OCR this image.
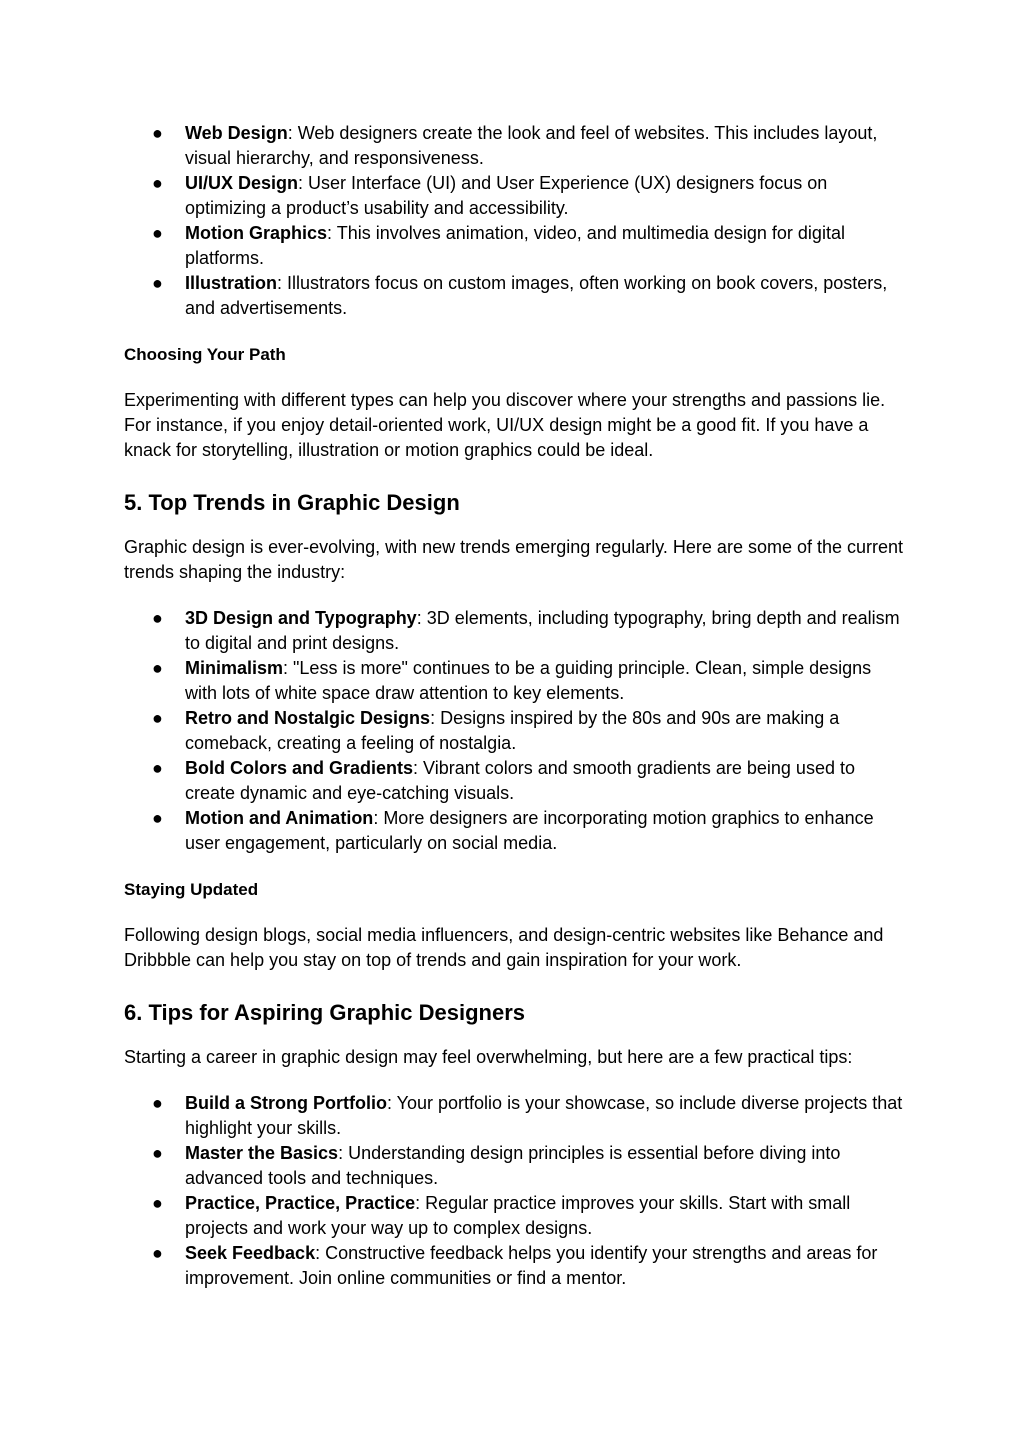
● Web Design: Web designers create the look and feel of websites. This includes layout, visual hierarchy, and responsiveness.
● UI/UX Design: User Interface (UI) and User Experience (UX) designers focus on optimizing a product’s usability and accessibility.
● Motion Graphics: This involves animation, video, and multimedia design for digital platforms.
● Illustration: Illustrators focus on custom images, often working on book covers, posters, and advertisements.

Choosing Your Path

Experimenting with different types can help you discover where your strengths and passions lie. For instance, if you enjoy detail-oriented work, UI/UX design might be a good fit. If you have a knack for storytelling, illustration or motion graphics could be ideal.

5. Top Trends in Graphic Design

Graphic design is ever-evolving, with new trends emerging regularly. Here are some of the current trends shaping the industry:

● 3D Design and Typography: 3D elements, including typography, bring depth and realism to digital and print designs.
● Minimalism: "Less is more" continues to be a guiding principle. Clean, simple designs with lots of white space draw attention to key elements.
● Retro and Nostalgic Designs: Designs inspired by the 80s and 90s are making a comeback, creating a feeling of nostalgia.
● Bold Colors and Gradients: Vibrant colors and smooth gradients are being used to create dynamic and eye-catching visuals.
● Motion and Animation: More designers are incorporating motion graphics to enhance user engagement, particularly on social media.

Staying Updated

Following design blogs, social media influencers, and design-centric websites like Behance and Dribbble can help you stay on top of trends and gain inspiration for your work.

6. Tips for Aspiring Graphic Designers

Starting a career in graphic design may feel overwhelming, but here are a few practical tips:

● Build a Strong Portfolio: Your portfolio is your showcase, so include diverse projects that highlight your skills.
● Master the Basics: Understanding design principles is essential before diving into advanced tools and techniques.
● Practice, Practice, Practice: Regular practice improves your skills. Start with small projects and work your way up to complex designs.
● Seek Feedback: Constructive feedback helps you identify your strengths and areas for improvement. Join online communities or find a mentor.
